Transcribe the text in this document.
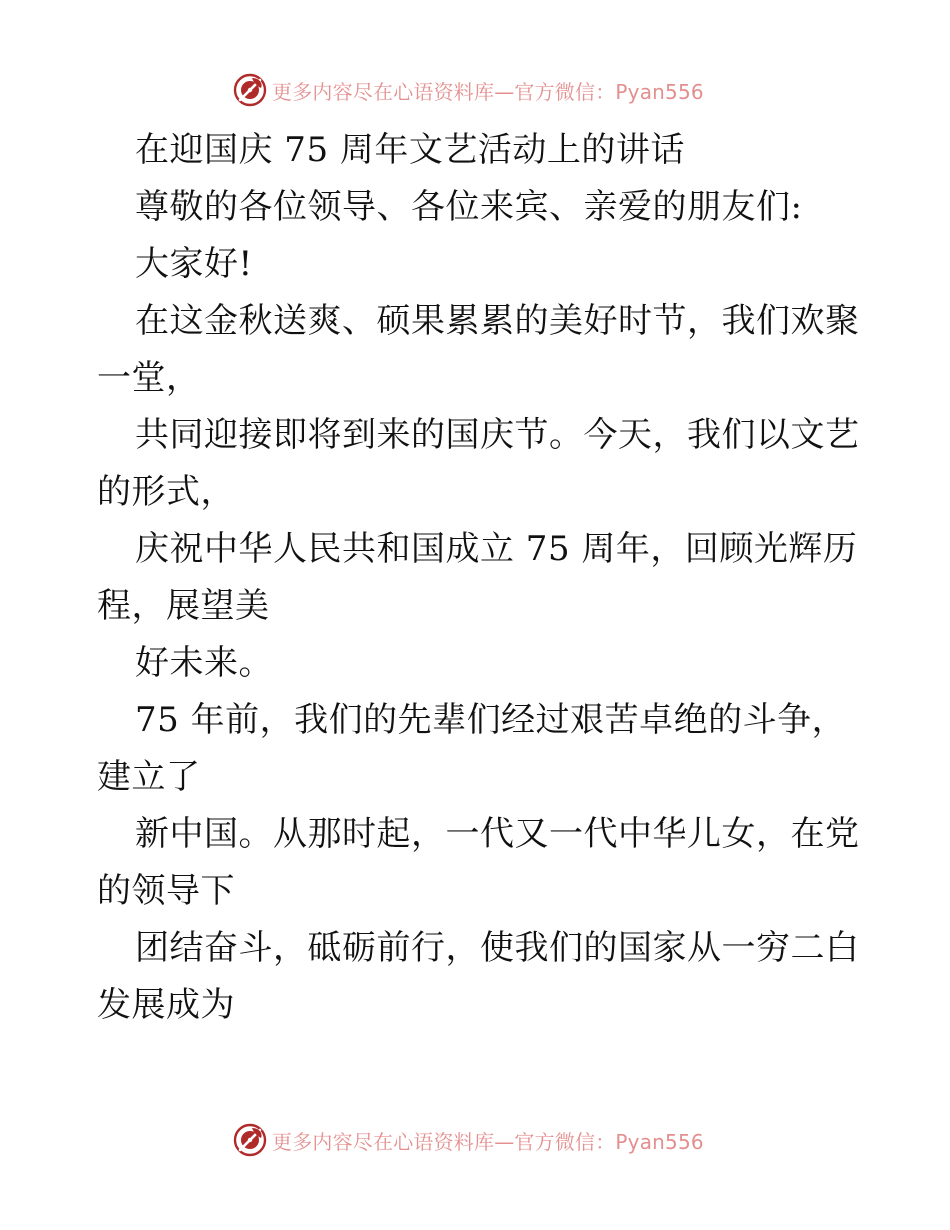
更多内容尽在心语资料库—官方微信：Pyan556
在迎国庆 75 周年文艺活动上的讲话
尊敬的各位领导、各位来宾、亲爱的朋友们:
大家好!
在这金秋送爽、硕果累累的美好时节，我们欢聚
一堂，
共同迎接即将到来的国庆节。今天，我们以文艺
的形式，
庆祝中华人民共和国成立 75 周年，回顾光辉历
程，展望美
好未来。
75 年前，我们的先辈们经过艰苦卓绝的斗争，
建立了
新中国。从那时起，一代又一代中华儿女，在党
的领导下
团结奋斗，砥砺前行，使我们的国家从一穷二白
发展成为
更多内容尽在心语资料库—官方微信：Pyan556
